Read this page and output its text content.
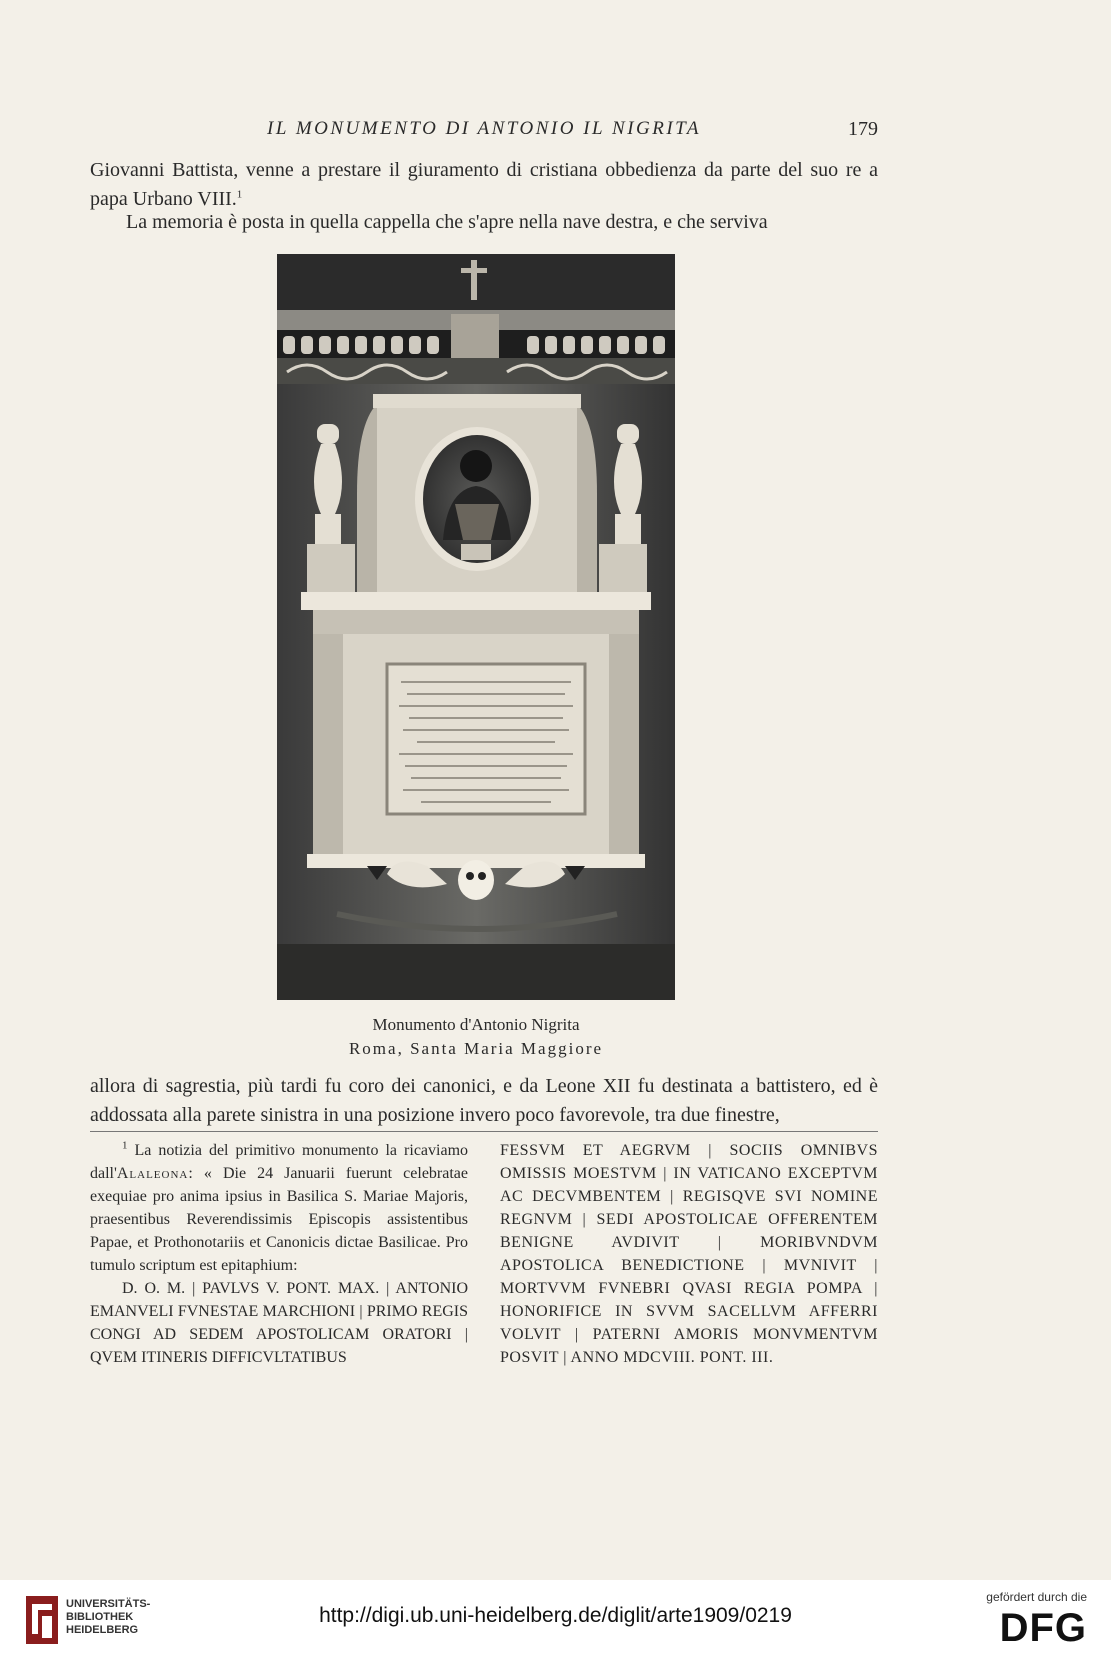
IL MONUMENTO DI ANTONIO IL NIGRITA	179

Giovanni Battista, venne a prestare il giuramento di cristiana obbedienza da parte del suo re a papa Urbano VIII.$^1$

La memoria è posta in quella cappella che s'apre nella nave destra, e che serviva

Monumento d'Antonio Nigrita
Roma, Santa Maria Maggiore

allora di sagrestia, più tardi fu coro dei canonici, e da Leone XII fu destinata a battistero, ed è addossata alla parete sinistra in una posizione invero poco favorevole, tra due finestre,

$^1$ La notizia del primitivo monumento la ricaviamo dall'Alaleona: « Die 24 Januarii fuerunt celebratae exequiae pro anima ipsius in Basilica S. Mariae Majoris, praesentibus Reverendissimis Episcopis assistentibus Papae, et Prothonotariis et Canonicis dictae Basilicae. Pro tumulo scriptum est epitaphium:

D. O. M. | PAVLVS V. PONT. MAX. | ANTONIO EMANVELI FVNESTAE MARCHIONI | PRIMO REGIS CONGI AD SEDEM APOSTOLICAM ORATORI | QVEM ITINERIS DIFFICVLTATIBUS

FESSVM ET AEGRVM | SOCIIS OMNIBVS OMISSIS MOESTVM | IN VATICANO EXCEPTVM AC DECVMBENTEM | REGISQVE SVI NOMINE REGNVM | SEDI APOSTOLICAE OFFERENTEM BENIGNE AVDIVIT | MORIBVNDVM APOSTOLICA BENEDICTIONE | MVNIVIT | MORTVVM FVNEBRI QVASI REGIA POMPA | HONORIFICE IN SVVM SACELLVM AFFERRI VOLVIT | PATERNI AMORIS MONVMENTVM POSVIT | ANNO MDCVIII. PONT. III.

UNIVERSITÄTS-
BIBLIOTHEK
HEIDELBERG
http://digi.ub.uni-heidelberg.de/diglit/arte1909/0219
gefördert durch die
DFG
